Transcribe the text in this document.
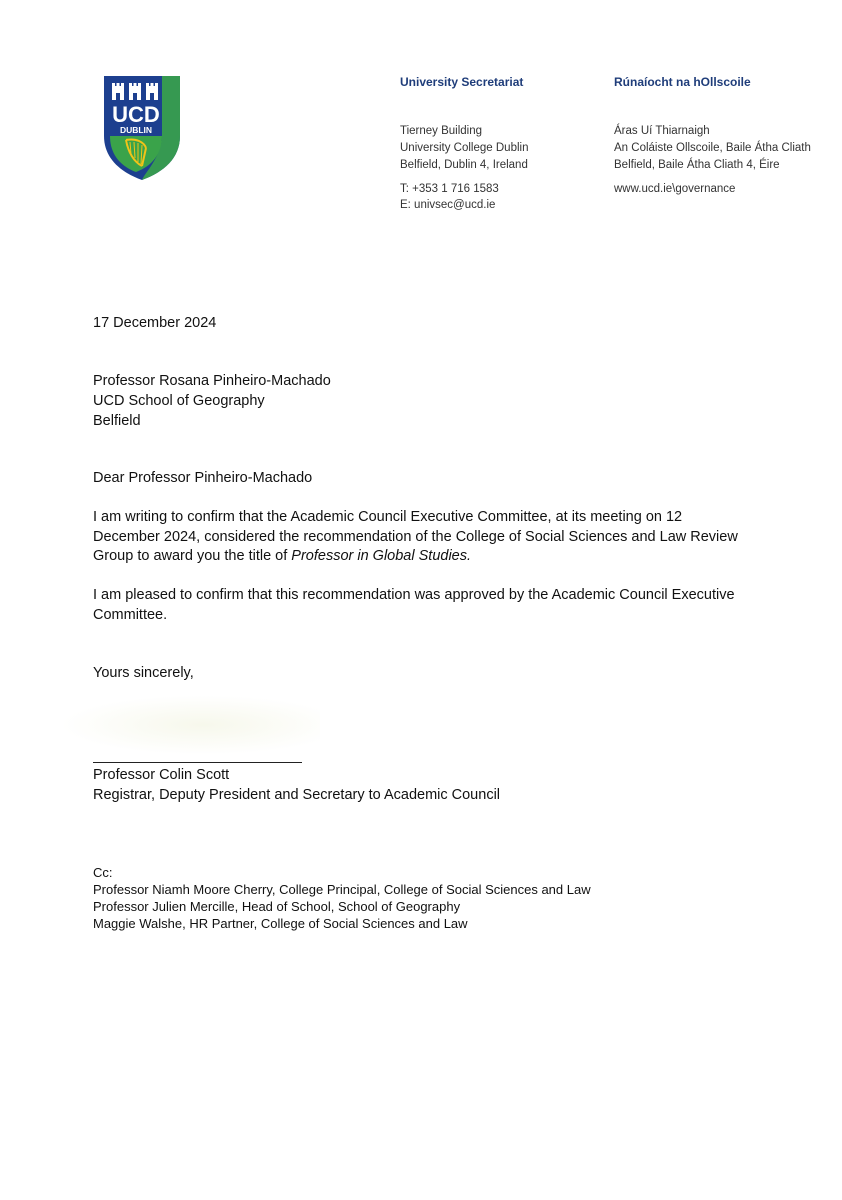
UCD
DUBLIN
University Secretariat
Tierney Building
University College Dublin
Belfield, Dublin 4, Ireland
T: +353 1 716 1583
E: univsec@ucd.ie
Rúnaíocht na hOllscoile
Áras Uí Thiarnaigh
An Coláiste Ollscoile, Baile Átha Cliath
Belfield, Baile Átha Cliath 4, Éire
www.ucd.ie\governance
17 December 2024
Professor Rosana Pinheiro-Machado
UCD School of Geography
Belfield
Dear Professor Pinheiro-Machado
I am writing to confirm that the Academic Council Executive Committee, at its meeting on 12
December 2024, considered the recommendation of the College of Social Sciences and Law Review
Group to award you the title of Professor in Global Studies.
I am pleased to confirm that this recommendation was approved by the Academic Council Executive
Committee.
Yours sincerely,
Professor Colin Scott
Registrar, Deputy President and Secretary to Academic Council
Cc:
Professor Niamh Moore Cherry, College Principal, College of Social Sciences and Law
Professor Julien Mercille, Head of School, School of Geography
Maggie Walshe, HR Partner, College of Social Sciences and Law
